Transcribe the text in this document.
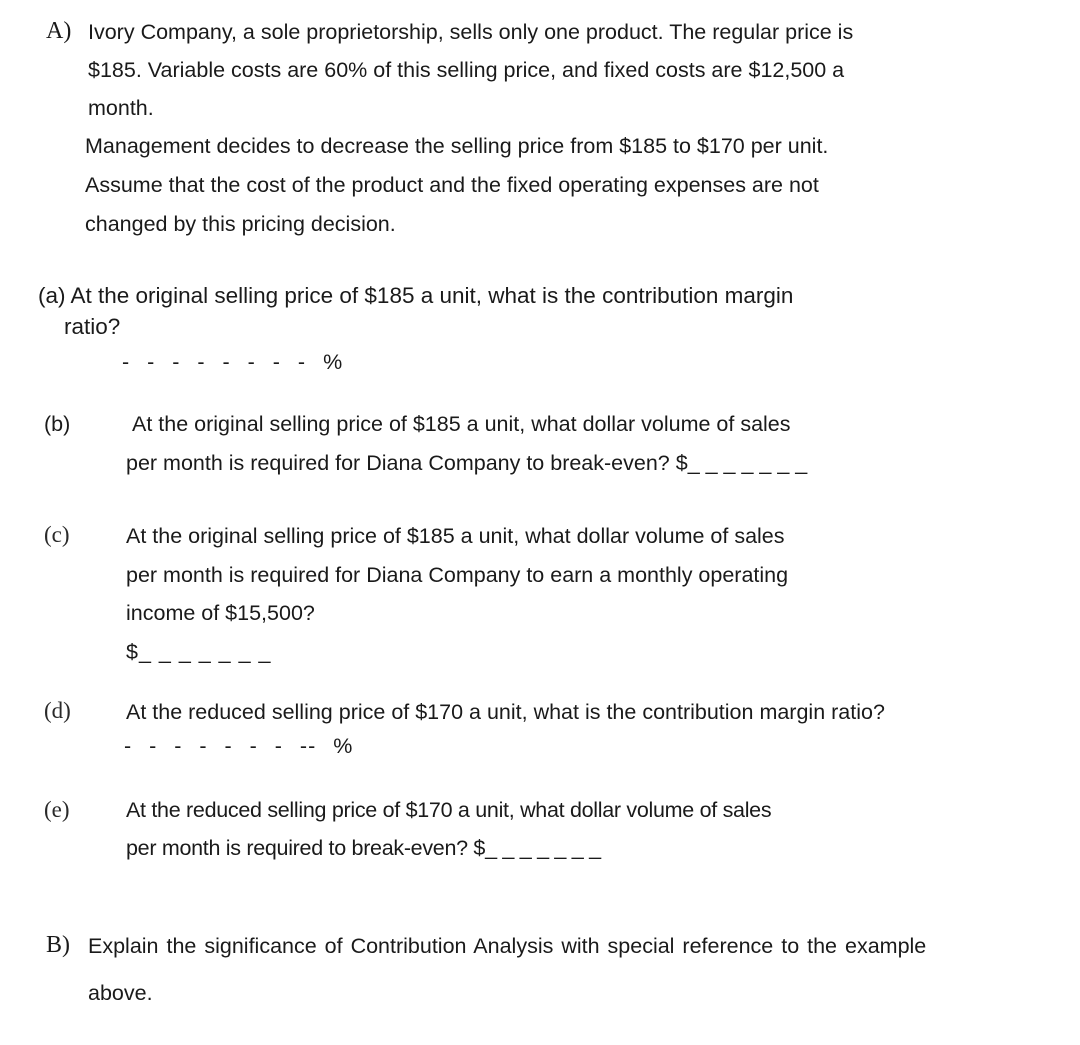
A) Ivory Company, a sole proprietorship, sells only one product. The regular price is
$185. Variable costs are 60% of this selling price, and fixed costs are $12,500 a
month.
Management decides to decrease the selling price from $185 to $170 per unit.
Assume that the cost of the product and the fixed operating expenses are not
changed by this pricing decision.
(a) At the original selling price of $185 a unit, what is the contribution margin
ratio?
- - - - - - - - %
(b)	At the original selling price of $185 a unit, what dollar volume of sales
per month is required for Diana Company to break-even? $_ _ _ _ _ _ _
(c)	At the original selling price of $185 a unit, what dollar volume of sales
per month is required for Diana Company to earn a monthly operating
income of $15,500?
$_ _ _ _ _ _ _
(d)	At the reduced selling price of $170 a unit, what is the contribution margin ratio?
- - - - - - - -- %
(e)	At the reduced selling price of $170 a unit, what dollar volume of sales
per month is required to break-even? $_ _ _ _ _ _ _
B) Explain the significance of Contribution Analysis with special reference to the example
above.
